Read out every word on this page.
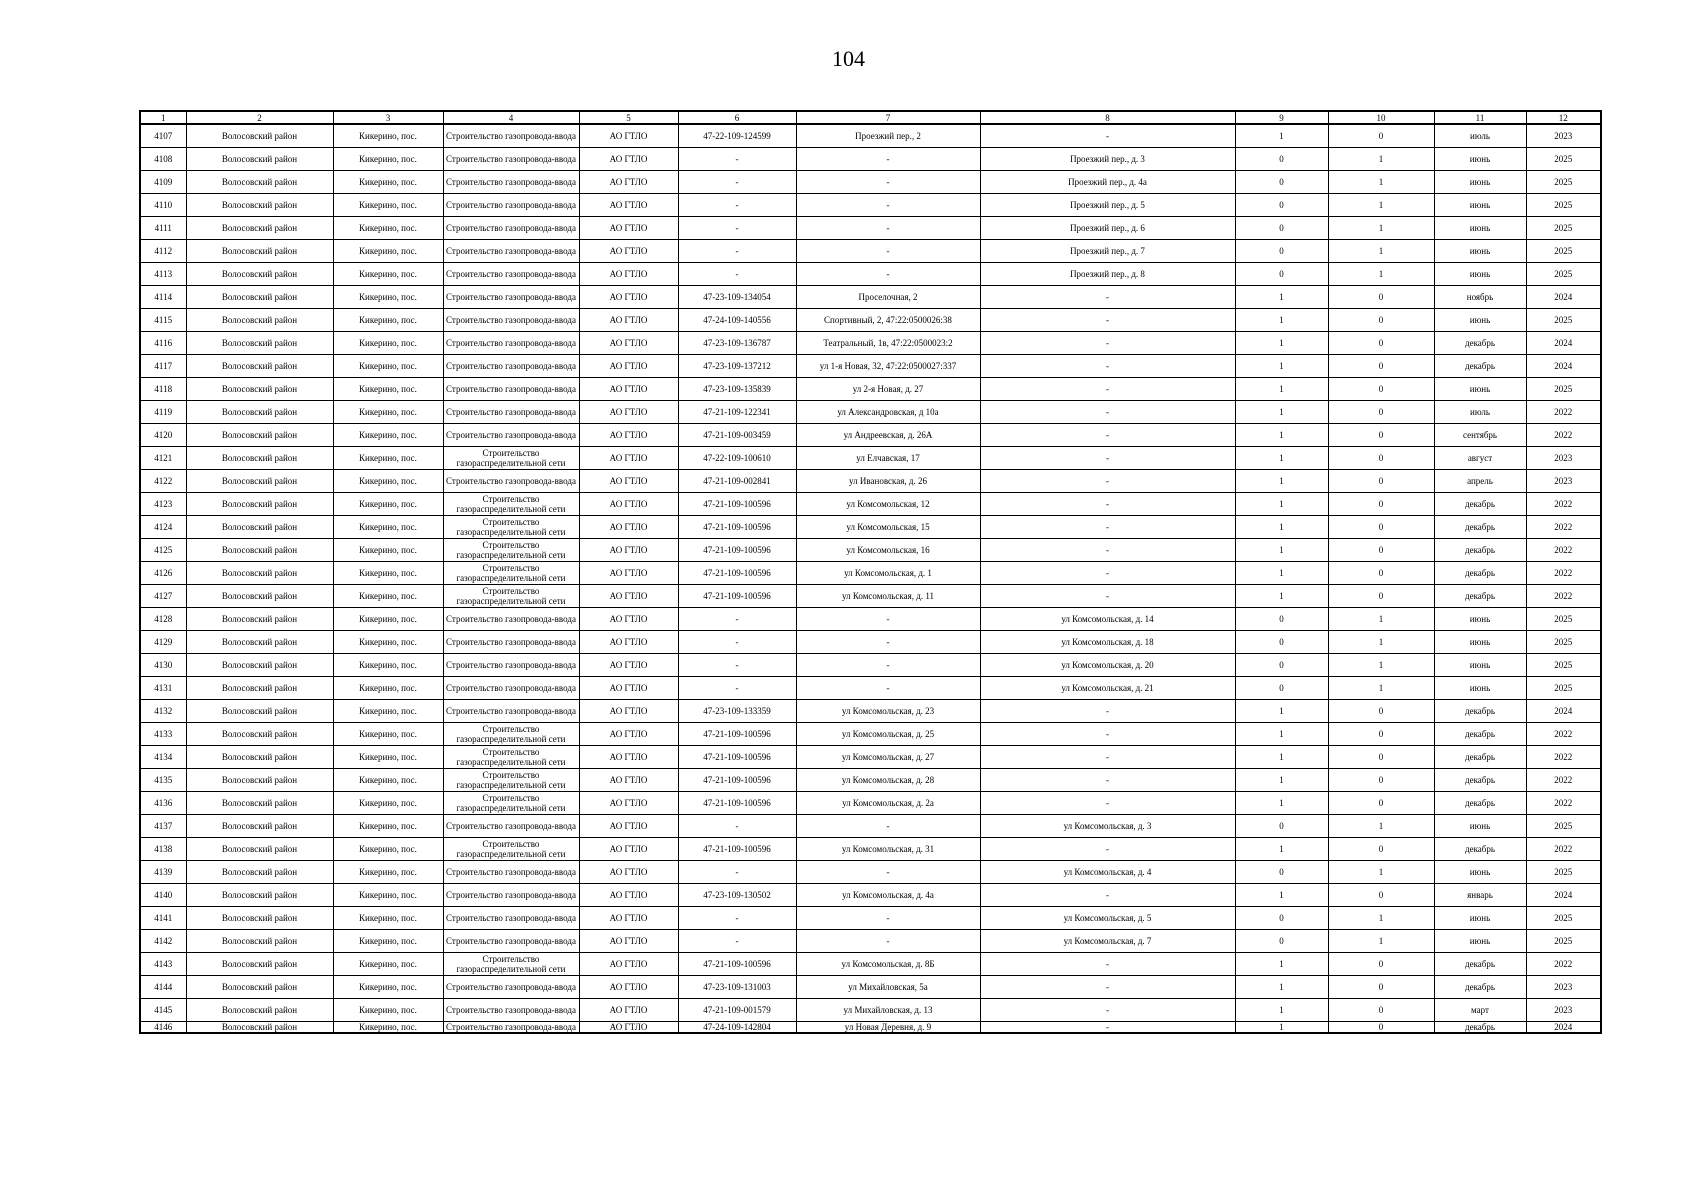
104
1	2	3	4	5	6	7	8	9	10	11	12
4107	Волосовский район	Кикерино, пос.	Строительство газопровода-ввода	АО ГТЛО	47-22-109-124599	Проезжий пер., 2	-	1	0	июль	2023
4108	Волосовский район	Кикерино, пос.	Строительство газопровода-ввода	АО ГТЛО	-	-	Проезжий пер., д. 3	0	1	июнь	2025
4109	Волосовский район	Кикерино, пос.	Строительство газопровода-ввода	АО ГТЛО	-	-	Проезжий пер., д. 4а	0	1	июнь	2025
4110	Волосовский район	Кикерино, пос.	Строительство газопровода-ввода	АО ГТЛО	-	-	Проезжий пер., д. 5	0	1	июнь	2025
4111	Волосовский район	Кикерино, пос.	Строительство газопровода-ввода	АО ГТЛО	-	-	Проезжий пер., д. 6	0	1	июнь	2025
4112	Волосовский район	Кикерино, пос.	Строительство газопровода-ввода	АО ГТЛО	-	-	Проезжий пер., д. 7	0	1	июнь	2025
4113	Волосовский район	Кикерино, пос.	Строительство газопровода-ввода	АО ГТЛО	-	-	Проезжий пер., д. 8	0	1	июнь	2025
4114	Волосовский район	Кикерино, пос.	Строительство газопровода-ввода	АО ГТЛО	47-23-109-134054	Проселочная, 2	-	1	0	ноябрь	2024
4115	Волосовский район	Кикерино, пос.	Строительство газопровода-ввода	АО ГТЛО	47-24-109-140556	Спортивный, 2, 47:22:0500026:38	-	1	0	июнь	2025
4116	Волосовский район	Кикерино, пос.	Строительство газопровода-ввода	АО ГТЛО	47-23-109-136787	Театральный, 1в, 47:22:0500023:2	-	1	0	декабрь	2024
4117	Волосовский район	Кикерино, пос.	Строительство газопровода-ввода	АО ГТЛО	47-23-109-137212	ул 1-я Новая, 32, 47:22:0500027:337	-	1	0	декабрь	2024
4118	Волосовский район	Кикерино, пос.	Строительство газопровода-ввода	АО ГТЛО	47-23-109-135839	ул 2-я Новая, д. 27	-	1	0	июнь	2025
4119	Волосовский район	Кикерино, пос.	Строительство газопровода-ввода	АО ГТЛО	47-21-109-122341	ул Александровская, д 10а	-	1	0	июль	2022
4120	Волосовский район	Кикерино, пос.	Строительство газопровода-ввода	АО ГТЛО	47-21-109-003459	ул Андреевская, д. 26А	-	1	0	сентябрь	2022
4121	Волосовский район	Кикерино, пос.	Строительство газораспределительной сети	АО ГТЛО	47-22-109-100610	ул Елчавская, 17	-	1	0	август	2023
4122	Волосовский район	Кикерино, пос.	Строительство газопровода-ввода	АО ГТЛО	47-21-109-002841	ул Ивановская, д. 26	-	1	0	апрель	2023
4123	Волосовский район	Кикерино, пос.	Строительство газораспределительной сети	АО ГТЛО	47-21-109-100596	ул Комсомольская, 12	-	1	0	декабрь	2022
4124	Волосовский район	Кикерино, пос.	Строительство газораспределительной сети	АО ГТЛО	47-21-109-100596	ул Комсомольская, 15	-	1	0	декабрь	2022
4125	Волосовский район	Кикерино, пос.	Строительство газораспределительной сети	АО ГТЛО	47-21-109-100596	ул Комсомольская, 16	-	1	0	декабрь	2022
4126	Волосовский район	Кикерино, пос.	Строительство газораспределительной сети	АО ГТЛО	47-21-109-100596	ул Комсомольская, д. 1	-	1	0	декабрь	2022
4127	Волосовский район	Кикерино, пос.	Строительство газораспределительной сети	АО ГТЛО	47-21-109-100596	ул Комсомольская, д. 11	-	1	0	декабрь	2022
4128	Волосовский район	Кикерино, пос.	Строительство газопровода-ввода	АО ГТЛО	-	-	ул Комсомольская, д. 14	0	1	июнь	2025
4129	Волосовский район	Кикерино, пос.	Строительство газопровода-ввода	АО ГТЛО	-	-	ул Комсомольская, д. 18	0	1	июнь	2025
4130	Волосовский район	Кикерино, пос.	Строительство газопровода-ввода	АО ГТЛО	-	-	ул Комсомольская, д. 20	0	1	июнь	2025
4131	Волосовский район	Кикерино, пос.	Строительство газопровода-ввода	АО ГТЛО	-	-	ул Комсомольская, д. 21	0	1	июнь	2025
4132	Волосовский район	Кикерино, пос.	Строительство газопровода-ввода	АО ГТЛО	47-23-109-133359	ул Комсомольская, д. 23	-	1	0	декабрь	2024
4133	Волосовский район	Кикерино, пос.	Строительство газораспределительной сети	АО ГТЛО	47-21-109-100596	ул Комсомольская, д. 25	-	1	0	декабрь	2022
4134	Волосовский район	Кикерино, пос.	Строительство газораспределительной сети	АО ГТЛО	47-21-109-100596	ул Комсомольская, д. 27	-	1	0	декабрь	2022
4135	Волосовский район	Кикерино, пос.	Строительство газораспределительной сети	АО ГТЛО	47-21-109-100596	ул Комсомольская, д. 28	-	1	0	декабрь	2022
4136	Волосовский район	Кикерино, пос.	Строительство газораспределительной сети	АО ГТЛО	47-21-109-100596	ул Комсомольская, д. 2а	-	1	0	декабрь	2022
4137	Волосовский район	Кикерино, пос.	Строительство газопровода-ввода	АО ГТЛО	-	-	ул Комсомольская, д. 3	0	1	июнь	2025
4138	Волосовский район	Кикерино, пос.	Строительство газораспределительной сети	АО ГТЛО	47-21-109-100596	ул Комсомольская, д. 31	-	1	0	декабрь	2022
4139	Волосовский район	Кикерино, пос.	Строительство газопровода-ввода	АО ГТЛО	-	-	ул Комсомольская, д. 4	0	1	июнь	2025
4140	Волосовский район	Кикерино, пос.	Строительство газопровода-ввода	АО ГТЛО	47-23-109-130502	ул Комсомольская, д. 4а	-	1	0	январь	2024
4141	Волосовский район	Кикерино, пос.	Строительство газопровода-ввода	АО ГТЛО	-	-	ул Комсомольская, д. 5	0	1	июнь	2025
4142	Волосовский район	Кикерино, пос.	Строительство газопровода-ввода	АО ГТЛО	-	-	ул Комсомольская, д. 7	0	1	июнь	2025
4143	Волосовский район	Кикерино, пос.	Строительство газораспределительной сети	АО ГТЛО	47-21-109-100596	ул Комсомольская, д. 8Б	-	1	0	декабрь	2022
4144	Волосовский район	Кикерино, пос.	Строительство газопровода-ввода	АО ГТЛО	47-23-109-131003	ул Михайловская, 5а	-	1	0	декабрь	2023
4145	Волосовский район	Кикерино, пос.	Строительство газопровода-ввода	АО ГТЛО	47-21-109-001579	ул Михайловская, д. 13	-	1	0	март	2023
4146	Волосовский район	Кикерино, пос.	Строительство газопровода-ввода	АО ГТЛО	47-24-109-142804	ул Новая Деревня, д. 9	-	1	0	декабрь	2024
